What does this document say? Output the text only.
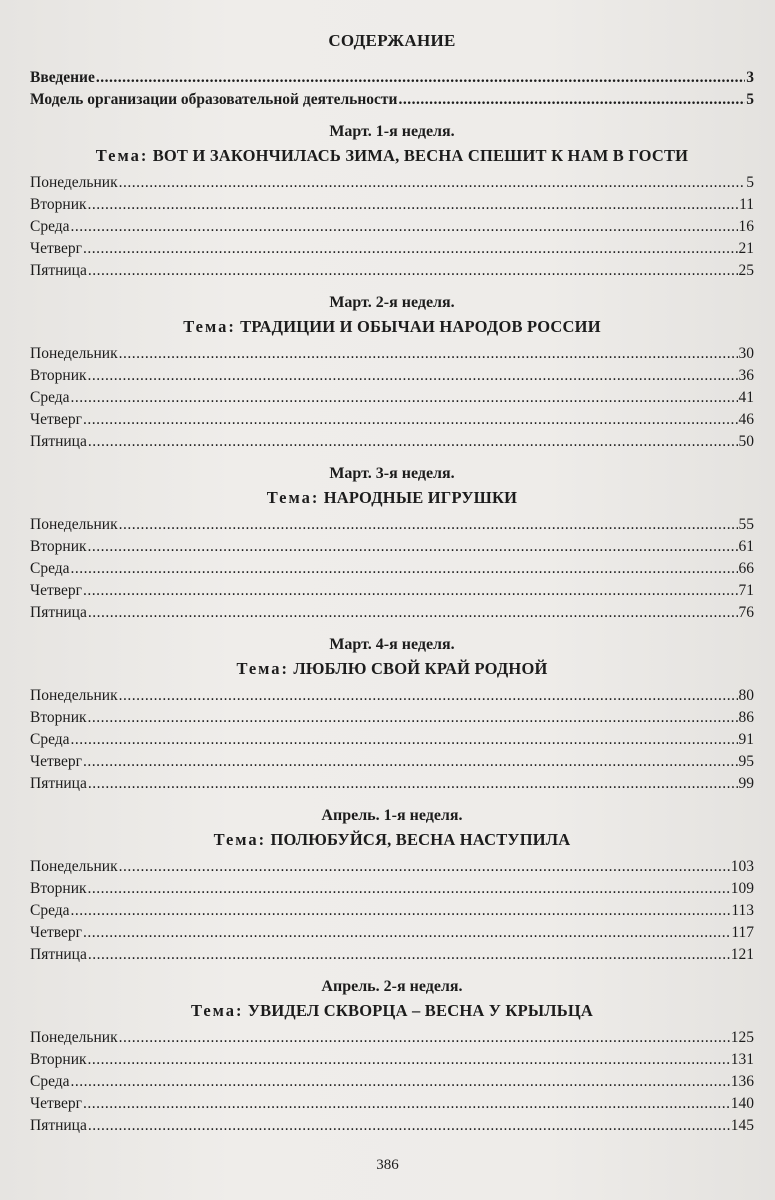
СОДЕРЖАНИЕ
Введение .....	3
Модель организации образовательной деятельности .....	5
Март. 1-я неделя.
Тема: ВОТ И ЗАКОНЧИЛАСЬ ЗИМА, ВЕСНА СПЕШИТ К НАМ В ГОСТИ
Понедельник .....	5
Вторник .....	11
Среда .....	16
Четверг .....	21
Пятница .....	25
Март. 2-я неделя.
Тема: ТРАДИЦИИ И ОБЫЧАИ НАРОДОВ РОССИИ
Понедельник .....	30
Вторник .....	36
Среда .....	41
Четверг .....	46
Пятница .....	50
Март. 3-я неделя.
Тема: НАРОДНЫЕ ИГРУШКИ
Понедельник .....	55
Вторник .....	61
Среда .....	66
Четверг .....	71
Пятница .....	76
Март. 4-я неделя.
Тема: ЛЮБЛЮ СВОЙ КРАЙ РОДНОЙ
Понедельник .....	80
Вторник .....	86
Среда .....	91
Четверг .....	95
Пятница .....	99
Апрель. 1-я неделя.
Тема: ПОЛЮБУЙСЯ, ВЕСНА НАСТУПИЛА
Понедельник .....	103
Вторник .....	109
Среда .....	113
Четверг .....	117
Пятница .....	121
Апрель. 2-я неделя.
Тема: УВИДЕЛ СКВОРЦА – ВЕСНА У КРЫЛЬЦА
Понедельник .....	125
Вторник .....	131
Среда .....	136
Четверг .....	140
Пятница .....	145
386
